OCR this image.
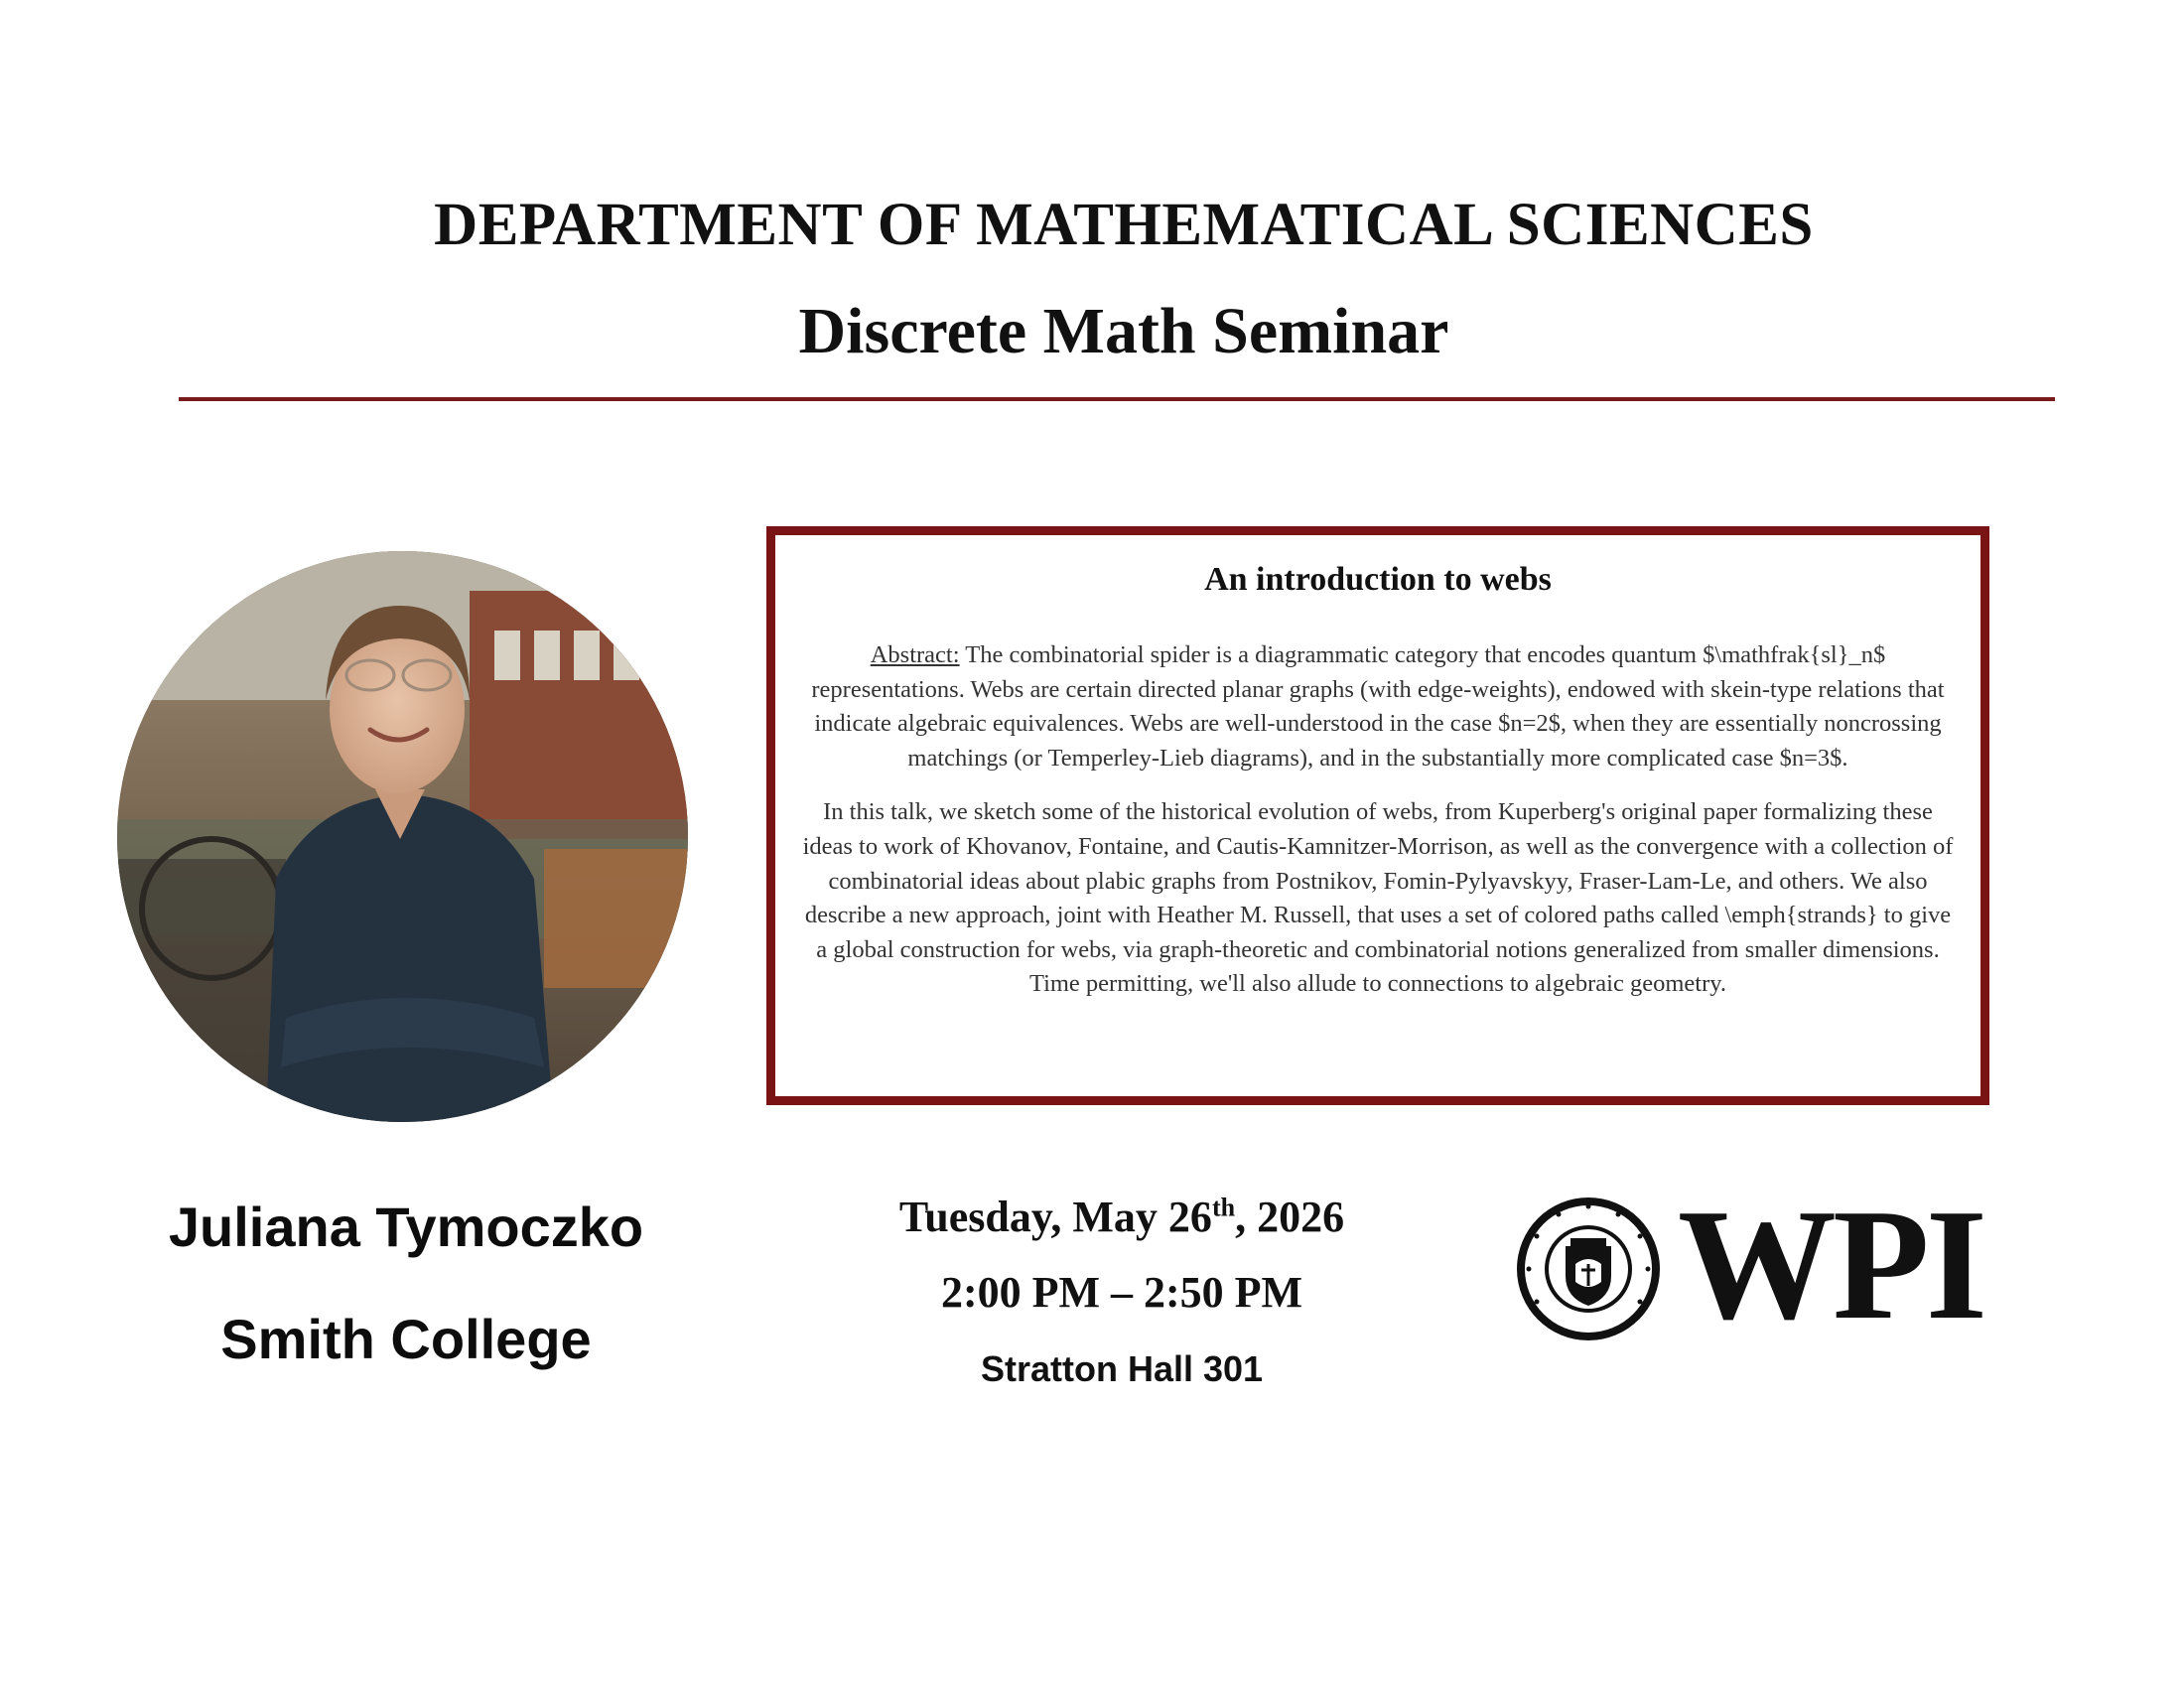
DEPARTMENT OF MATHEMATICAL SCIENCES
Discrete Math Seminar
An introduction to webs

Abstract: The combinatorial spider is a diagrammatic category that encodes quantum $\mathfrak{sl}_n$ representations. Webs are certain directed planar graphs (with edge-weights), endowed with skein-type relations that indicate algebraic equivalences. Webs are well-understood in the case $n=2$, when they are essentially noncrossing matchings (or Temperley-Lieb diagrams), and in the substantially more complicated case $n=3$.

In this talk, we sketch some of the historical evolution of webs, from Kuperberg's original paper formalizing these ideas to work of Khovanov, Fontaine, and Cautis-Kamnitzer-Morrison, as well as the convergence with a collection of combinatorial ideas about plabic graphs from Postnikov, Fomin-Pylyavskyy, Fraser-Lam-Le, and others. We also describe a new approach, joint with Heather M. Russell, that uses a set of colored paths called \emph{strands} to give a global construction for webs, via graph-theoretic and combinatorial notions generalized from smaller dimensions. Time permitting, we'll also allude to connections to algebraic geometry.

Juliana Tymoczko
Smith College
Tuesday, May 26th, 2026
2:00 PM – 2:50 PM
Stratton Hall 301
WPI
